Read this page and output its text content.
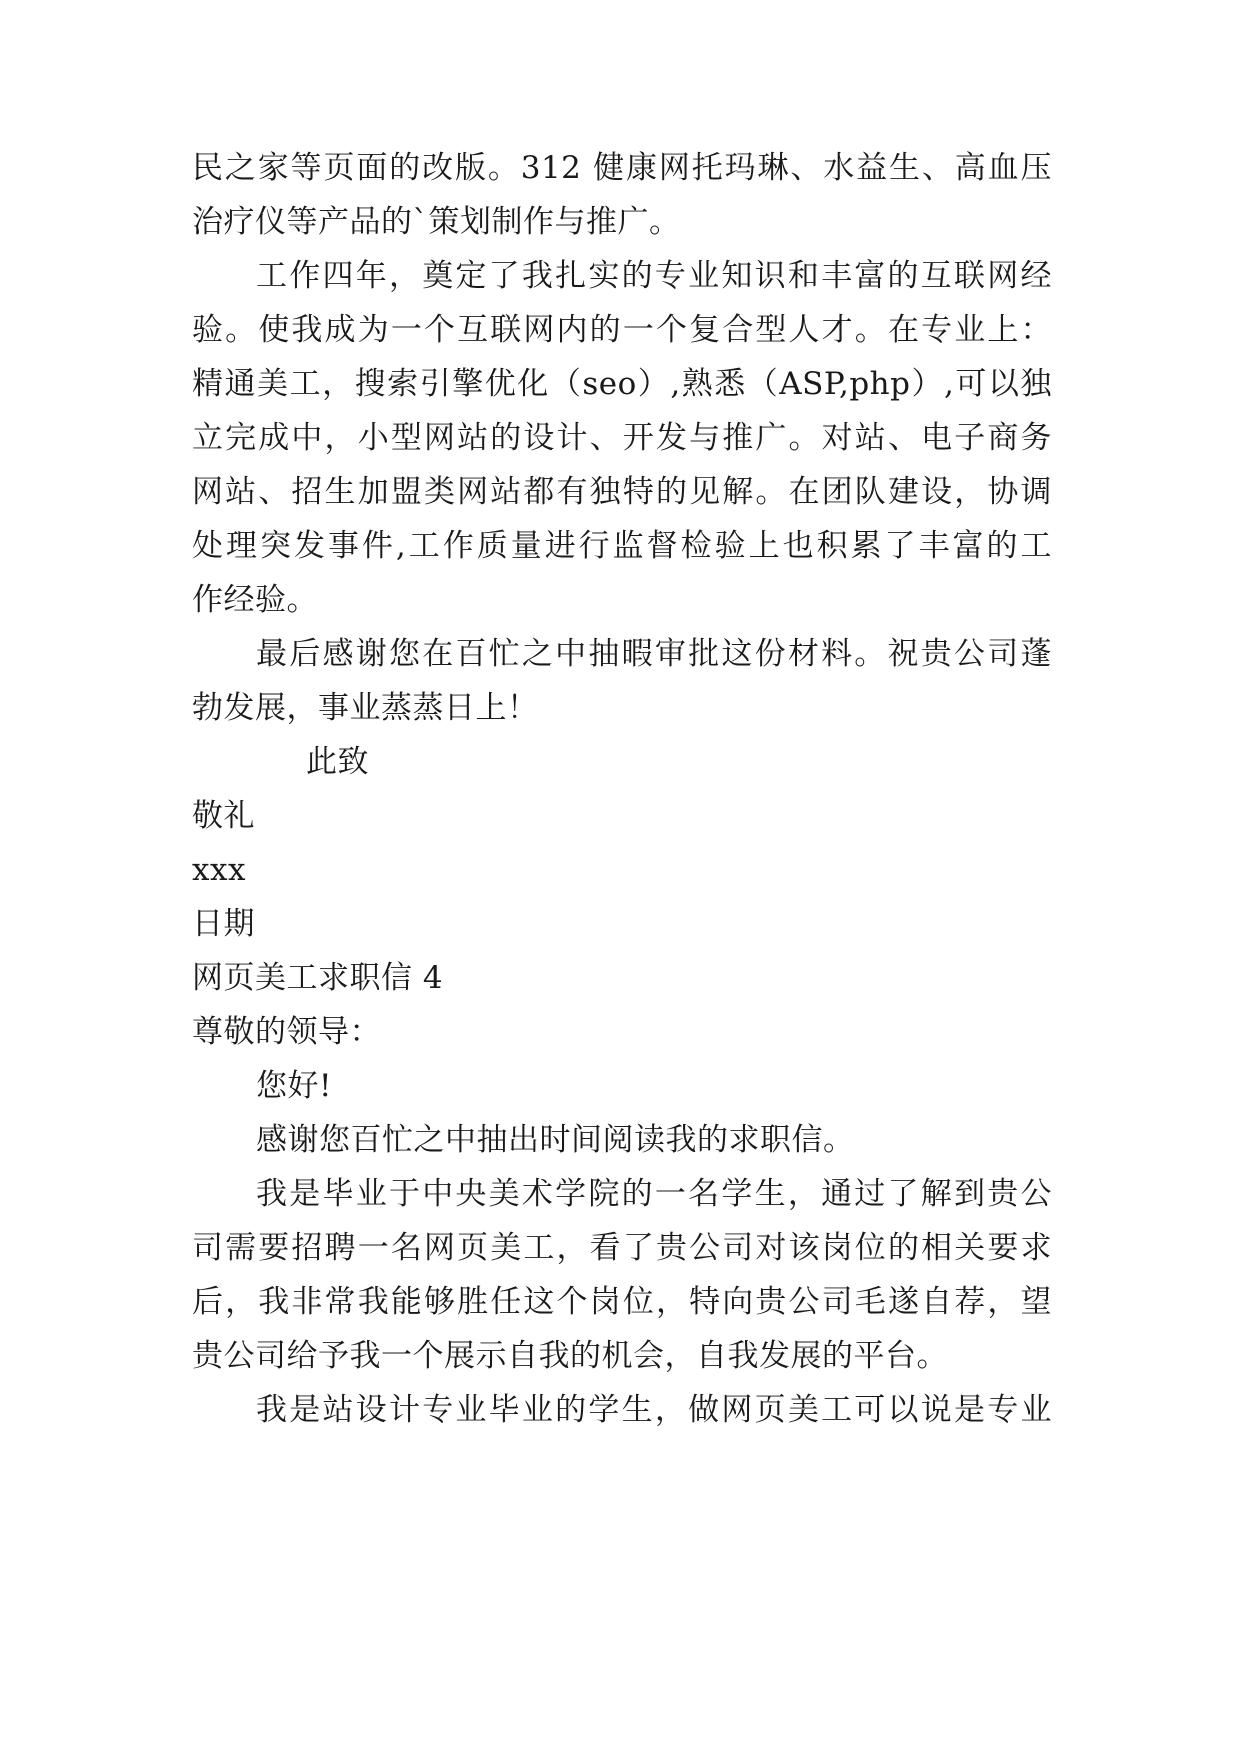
民之家等页面的改版。312 健康网托玛琳、水益生、高血压
治疗仪等产品的`策划制作与推广。
工作四年，奠定了我扎实的专业知识和丰富的互联网经
验。使我成为一个互联网内的一个复合型人才。在专业上：
精通美工，搜索引擎优化（seo）,熟悉（ASP,php）,可以独
立完成中，小型网站的设计、开发与推广。对站、电子商务
网站、招生加盟类网站都有独特的见解。在团队建设，协调
处理突发事件,工作质量进行监督检验上也积累了丰富的工
作经验。
最后感谢您在百忙之中抽暇审批这份材料。祝贵公司蓬
勃发展，事业蒸蒸日上！
此致
敬礼
xxx
日期
网页美工求职信 4
尊敬的领导：
您好!
感谢您百忙之中抽出时间阅读我的求职信。
我是毕业于中央美术学院的一名学生，通过了解到贵公
司需要招聘一名网页美工，看了贵公司对该岗位的相关要求
后，我非常我能够胜任这个岗位，特向贵公司毛遂自荐，望
贵公司给予我一个展示自我的机会，自我发展的平台。
我是站设计专业毕业的学生，做网页美工可以说是专业
